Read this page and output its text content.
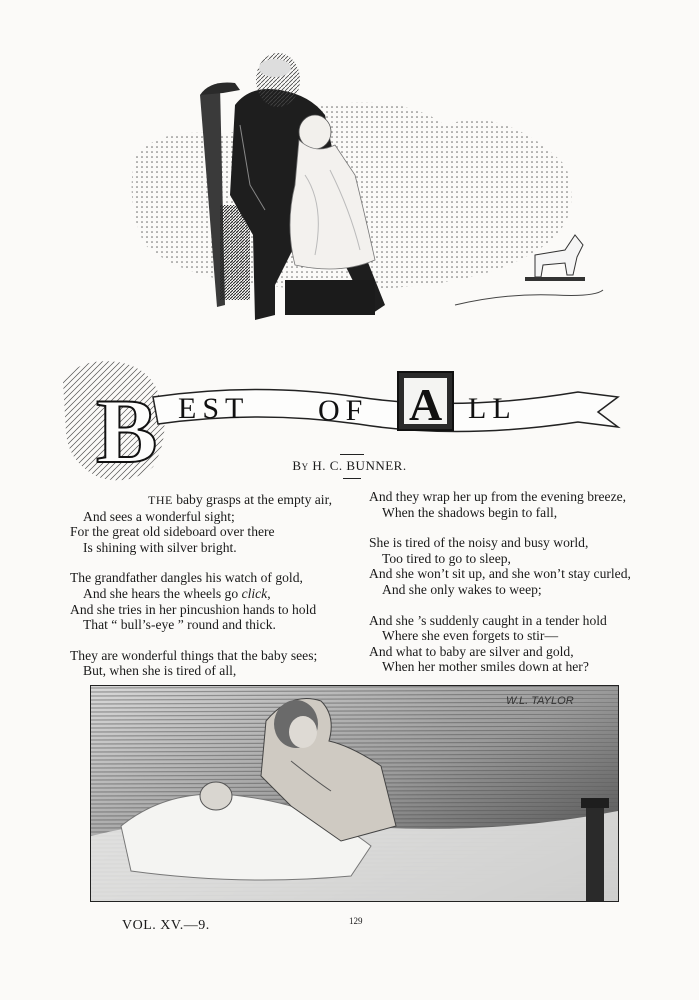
B EST OF A LL
By H. C. BUNNER.
THE baby grasps at the empty air,
And sees a wonderful sight;
For the great old sideboard over there
Is shining with silver bright.
The grandfather dangles his watch of gold,
And she hears the wheels go click,
And she tries in her pincushion hands to hold
That “ bull’s-eye ” round and thick.
They are wonderful things that the baby sees;
But, when she is tired of all,
And they wrap her up from the evening breeze,
When the shadows begin to fall,
She is tired of the noisy and busy world,
Too tired to go to sleep,
And she won’t sit up, and she won’t stay curled,
And she only wakes to weep;
And she ’s suddenly caught in a tender hold
Where she even forgets to stir—
And what to baby are silver and gold,
When her mother smiles down at her?
W.L. TAYLOR
VOL. XV.—9.	129
